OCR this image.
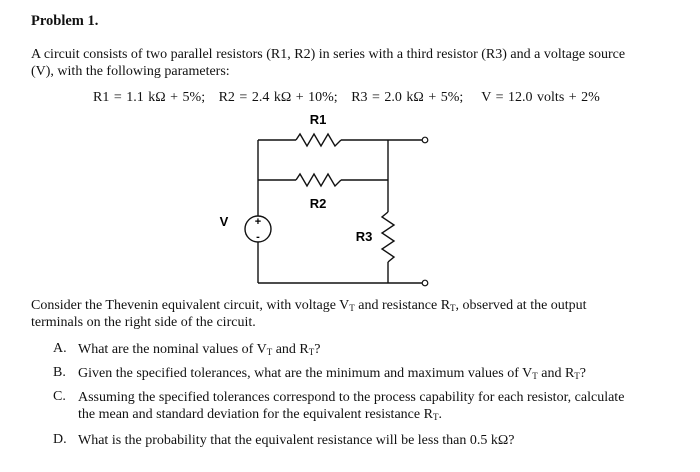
Problem 1.
A circuit consists of two parallel resistors (R1, R2) in series with a third resistor (R3) and a voltage source
(V), with the following parameters:
R1 = 1.1 kΩ + 5%; R2 = 2.4 kΩ + 10%; R3 = 2.0 kΩ + 5%; V = 12.0 volts + 2%
R1
R2
R3
V +
-
Consider the Thevenin equivalent circuit, with voltage $V_T$ and resistance $R_T$, observed at the output
terminals on the right side of the circuit.
A. What are the nominal values of $V_T$ and $R_T$?
B. Given the specified tolerances, what are the minimum and maximum values of $V_T$ and $R_T$?
C. Assuming the specified tolerances correspond to the process capability for each resistor, calculate
the mean and standard deviation for the equivalent resistance $R_T$.
D. What is the probability that the equivalent resistance will be less than 0.5 kΩ?
